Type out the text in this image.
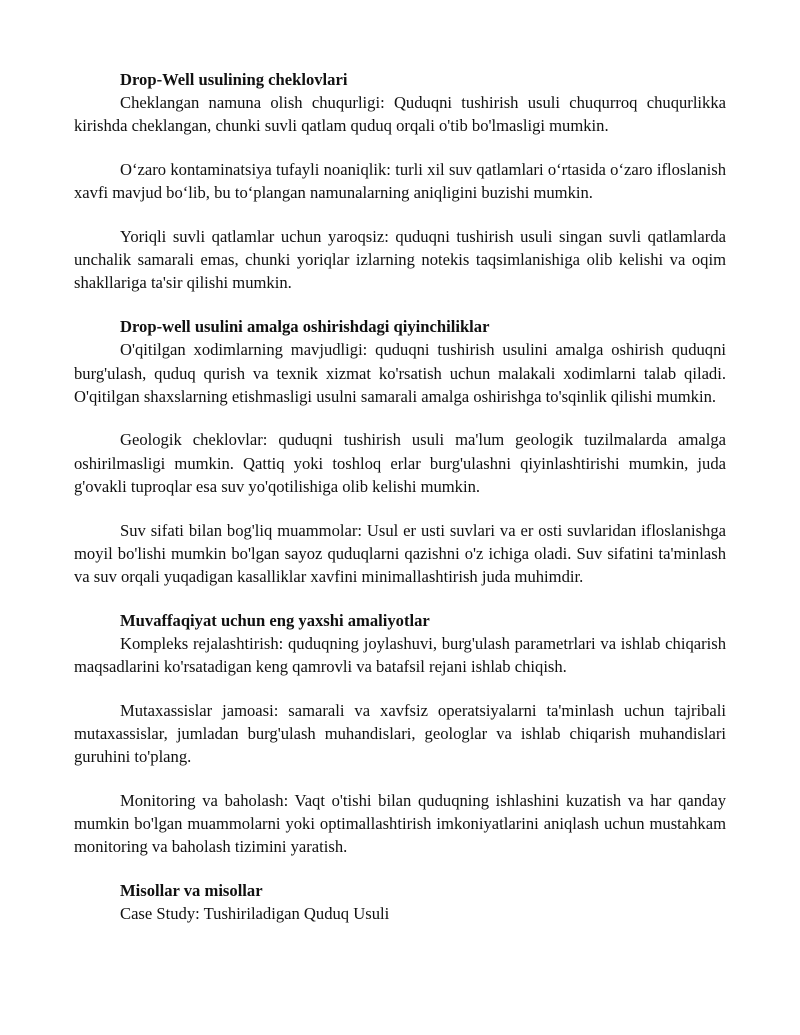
Drop-Well usulining cheklovlari

Cheklangan namuna olish chuqurligi: Quduqni tushirish usuli chuqurroq chuqurlikka kirishda cheklangan, chunki suvli qatlam quduq orqali o'tib bo'lmasligi mumkin.

O‘zaro kontaminatsiya tufayli noaniqlik: turli xil suv qatlamlari o‘rtasida o‘zaro ifloslanish xavfi mavjud bo‘lib, bu to‘plangan namunalarning aniqligini buzishi mumkin.

Yoriqli suvli qatlamlar uchun yaroqsiz: quduqni tushirish usuli singan suvli qatlamlarda unchalik samarali emas, chunki yoriqlar izlarning notekis taqsimlanishiga olib kelishi va oqim shakllariga ta'sir qilishi mumkin.

Drop-well usulini amalga oshirishdagi qiyinchiliklar

O'qitilgan xodimlarning mavjudligi: quduqni tushirish usulini amalga oshirish quduqni burg'ulash, quduq qurish va texnik xizmat ko'rsatish uchun malakali xodimlarni talab qiladi. O'qitilgan shaxslarning etishmasligi usulni samarali amalga oshirishga to'sqinlik qilishi mumkin.

Geologik cheklovlar: quduqni tushirish usuli ma'lum geologik tuzilmalarda amalga oshirilmasligi mumkin. Qattiq yoki toshloq erlar burg'ulashni qiyinlashtirishi mumkin, juda g'ovakli tuproqlar esa suv yo'qotilishiga olib kelishi mumkin.

Suv sifati bilan bog'liq muammolar: Usul er usti suvlari va er osti suvlaridan ifloslanishga moyil bo'lishi mumkin bo'lgan sayoz quduqlarni qazishni o'z ichiga oladi. Suv sifatini ta'minlash va suv orqali yuqadigan kasalliklar xavfini minimallashtirish juda muhimdir.

Muvaffaqiyat uchun eng yaxshi amaliyotlar

Kompleks rejalashtirish: quduqning joylashuvi, burg'ulash parametrlari va ishlab chiqarish maqsadlarini ko'rsatadigan keng qamrovli va batafsil rejani ishlab chiqish.

Mutaxassislar jamoasi: samarali va xavfsiz operatsiyalarni ta'minlash uchun tajribali mutaxassislar, jumladan burg'ulash muhandislari, geologlar va ishlab chiqarish muhandislari guruhini to'plang.

Monitoring va baholash: Vaqt o'tishi bilan quduqning ishlashini kuzatish va har qanday mumkin bo'lgan muammolarni yoki optimallashtirish imkoniyatlarini aniqlash uchun mustahkam monitoring va baholash tizimini yaratish.

Misollar va misollar

Case Study: Tushiriladigan Quduq Usuli
